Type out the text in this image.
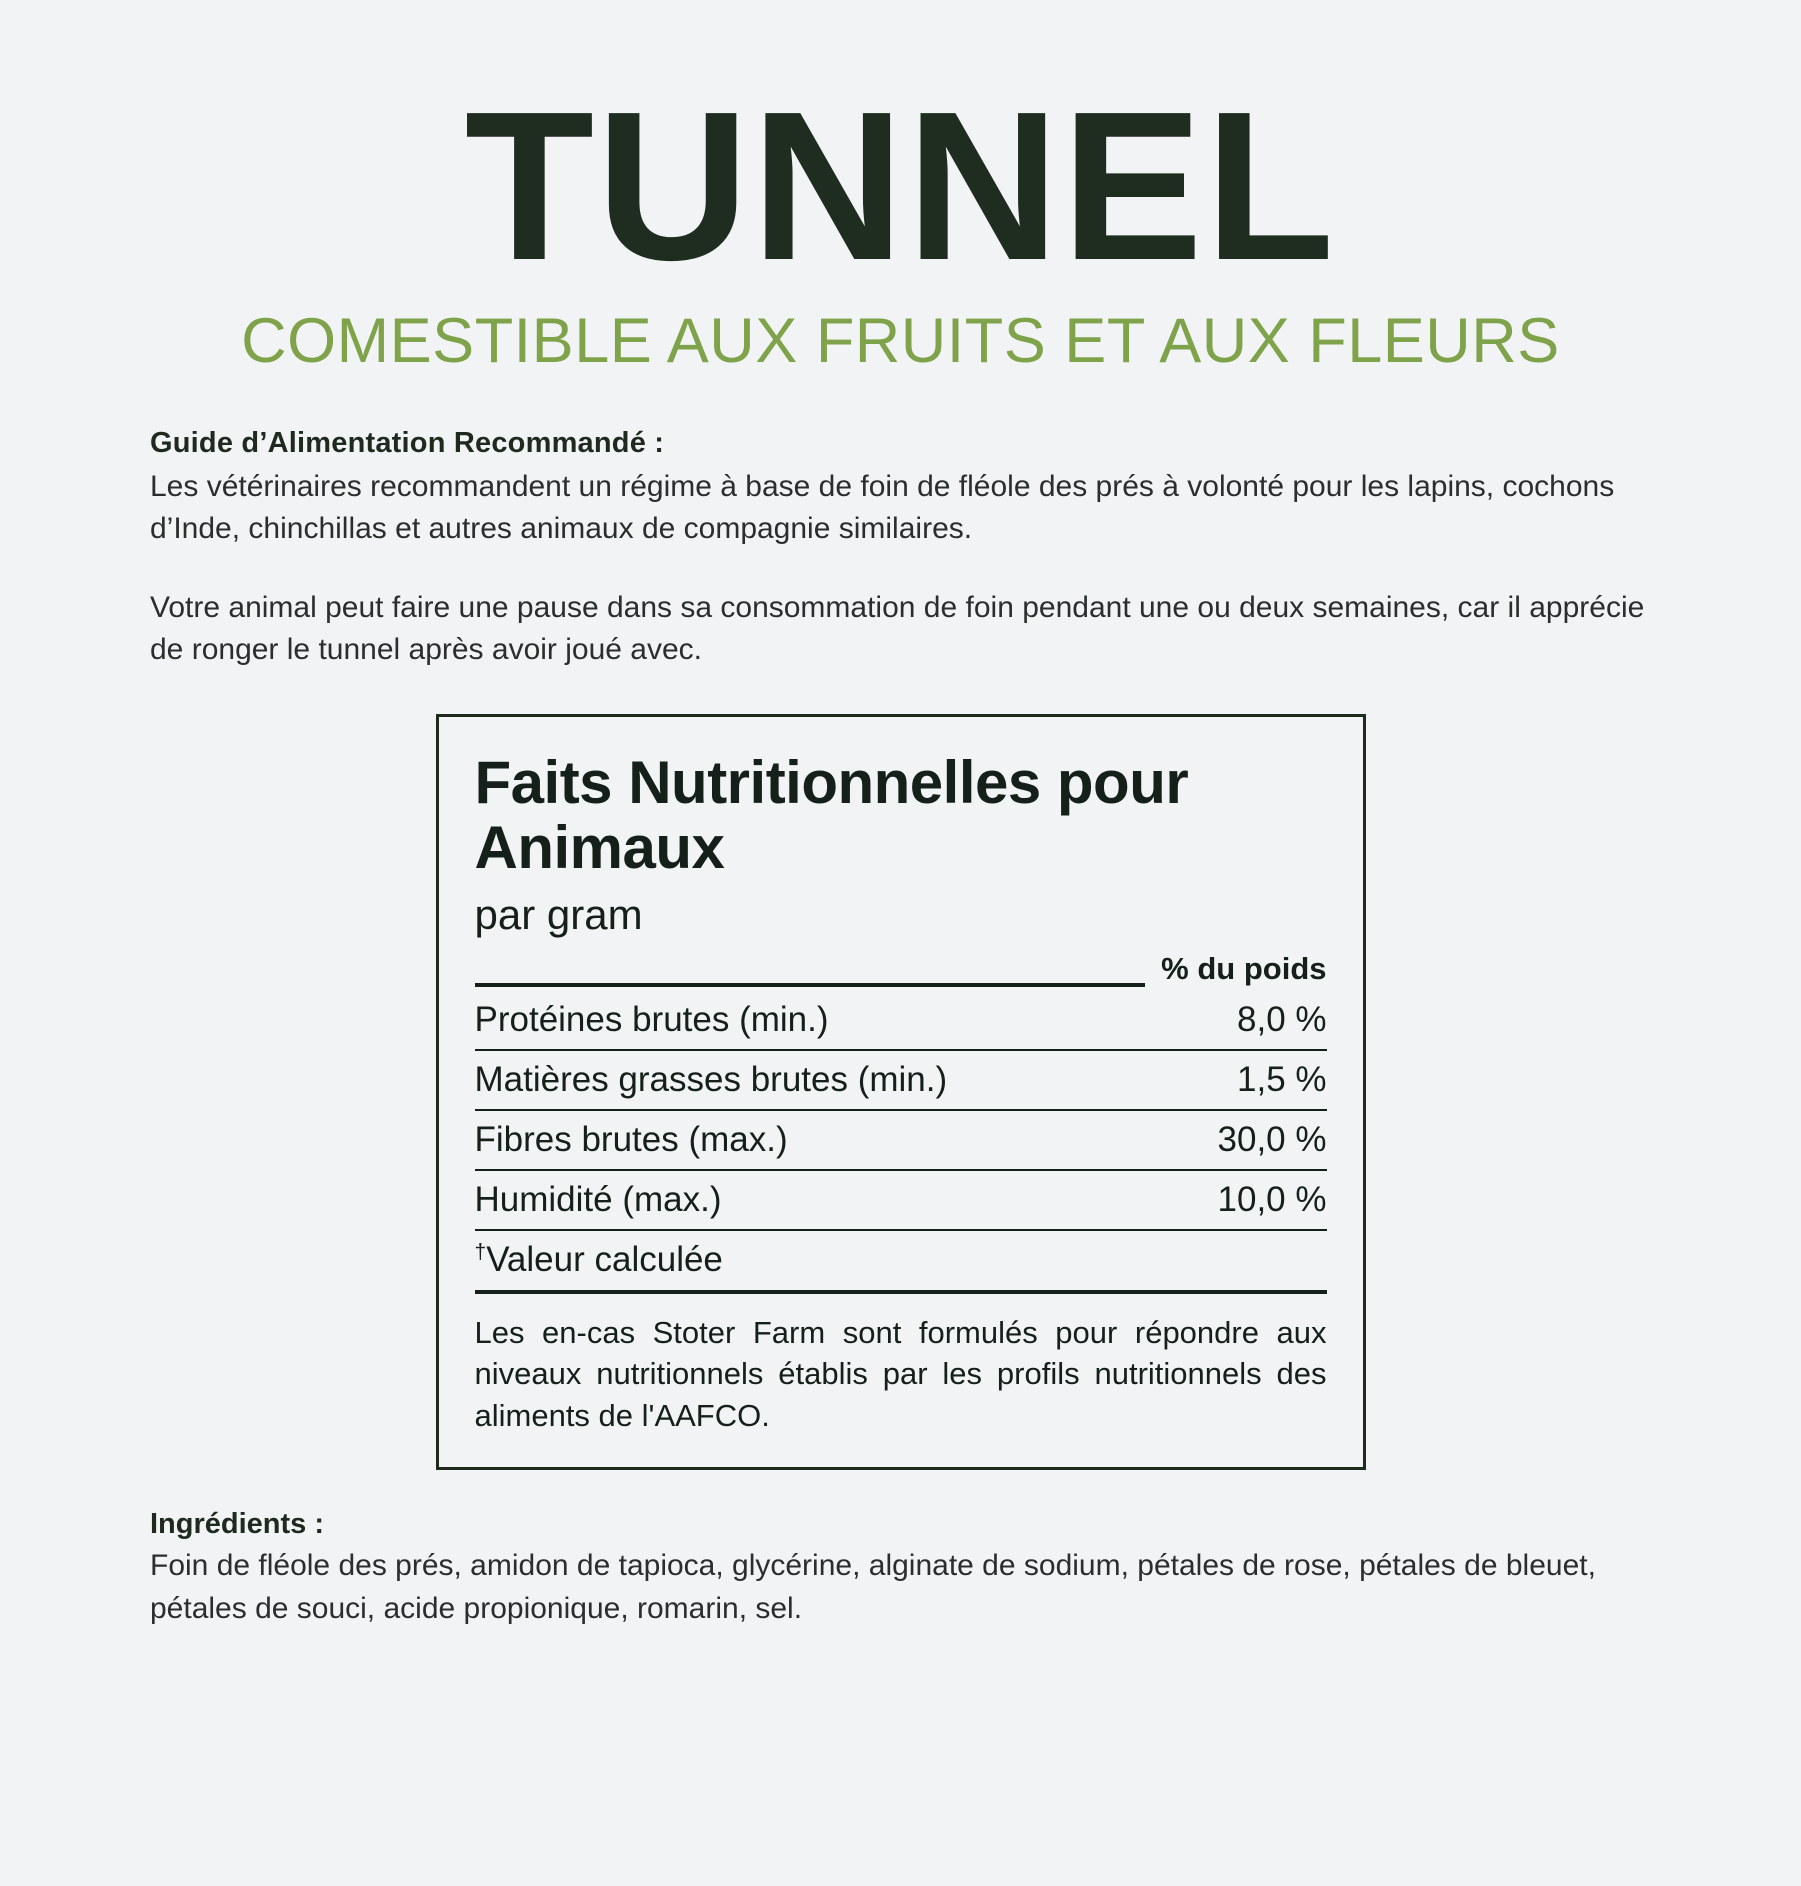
TUNNEL
COMESTIBLE AUX FRUITS ET AUX FLEURS
Guide d’Alimentation Recommandé :
Les vétérinaires recommandent un régime à base de foin de fléole des prés à volonté pour les lapins, cochons d’Inde, chinchillas et autres animaux de compagnie similaires.
Votre animal peut faire une pause dans sa consommation de foin pendant une ou deux semaines, car il apprécie de ronger le tunnel après avoir joué avec.
Faits Nutritionnelles pour Animaux
par gram
% du poids
Protéines brutes (min.)	8,0 %
Matières grasses brutes (min.)	1,5 %
Fibres brutes (max.)	30,0 %
Humidité (max.)	10,0 %
†Valeur calculée
Les en-cas Stoter Farm sont formulés pour répondre aux niveaux nutritionnels établis par les profils nutritionnels des aliments de l'AAFCO.
Ingrédients :
Foin de fléole des prés, amidon de tapioca, glycérine, alginate de sodium, pétales de rose, pétales de bleuet, pétales de souci, acide propionique, romarin, sel.
